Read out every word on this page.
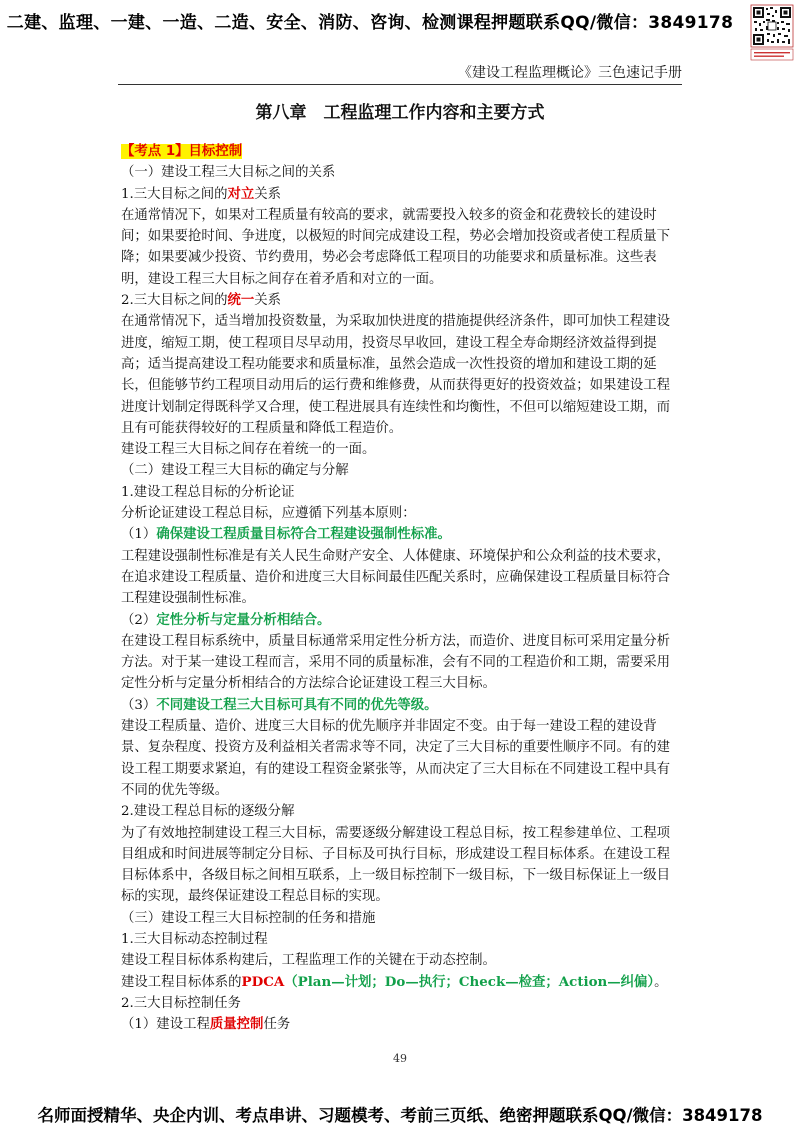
二建、监理、一建、一造、二造、安全、消防、咨询、检测课程押题联系QQ/微信：3849178
《建设工程监理概论》三色速记手册
第八章　工程监理工作内容和主要方式

【考点 1】目标控制

（一）建设工程三大目标之间的关系

1.三大目标之间的对立关系

在通常情况下，如果对工程质量有较高的要求，就需要投入较多的资金和花费较长的建设时间；如果要抢时间、争进度，以极短的时间完成建设工程，势必会增加投资或者使工程质量下降；如果要减少投资、节约费用，势必会考虑降低工程项目的功能要求和质量标准。这些表明，建设工程三大目标之间存在着矛盾和对立的一面。

2.三大目标之间的统一关系

在通常情况下，适当增加投资数量，为采取加快进度的措施提供经济条件，即可加快工程建设进度，缩短工期，使工程项目尽早动用，投资尽早收回，建设工程全寿命期经济效益得到提高；适当提高建设工程功能要求和质量标准，虽然会造成一次性投资的增加和建设工期的延长，但能够节约工程项目动用后的运行费和维修费，从而获得更好的投资效益；如果建设工程进度计划制定得既科学又合理，使工程进展具有连续性和均衡性，不但可以缩短建设工期，而且有可能获得较好的工程质量和降低工程造价。

建设工程三大目标之间存在着统一的一面。

（二）建设工程三大目标的确定与分解

1.建设工程总目标的分析论证

分析论证建设工程总目标，应遵循下列基本原则：

（1）确保建设工程质量目标符合工程建设强制性标准。

工程建设强制性标准是有关人民生命财产安全、人体健康、环境保护和公众利益的技术要求，在追求建设工程质量、造价和进度三大目标间最佳匹配关系时，应确保建设工程质量目标符合工程建设强制性标准。

（2）定性分析与定量分析相结合。

在建设工程目标系统中，质量目标通常采用定性分析方法，而造价、进度目标可采用定量分析方法。对于某一建设工程而言，采用不同的质量标准，会有不同的工程造价和工期，需要采用定性分析与定量分析相结合的方法综合论证建设工程三大目标。

（3）不同建设工程三大目标可具有不同的优先等级。

建设工程质量、造价、进度三大目标的优先顺序并非固定不变。由于每一建设工程的建设背景、复杂程度、投资方及利益相关者需求等不同，决定了三大目标的重要性顺序不同。有的建设工程工期要求紧迫，有的建设工程资金紧张等，从而决定了三大目标在不同建设工程中具有不同的优先等级。

2.建设工程总目标的逐级分解

为了有效地控制建设工程三大目标，需要逐级分解建设工程总目标，按工程参建单位、工程项目组成和时间进展等制定分目标、子目标及可执行目标，形成建设工程目标体系。在建设工程目标体系中，各级目标之间相互联系，上一级目标控制下一级目标，下一级目标保证上一级目标的实现，最终保证建设工程总目标的实现。

（三）建设工程三大目标控制的任务和措施

1.三大目标动态控制过程

建设工程目标体系构建后，工程监理工作的关键在于动态控制。

建设工程目标体系的PDCA（Plan—计划；Do—执行；Check—检查；Action—纠偏）。

2.三大目标控制任务

（1）建设工程质量控制任务

49
名师面授精华、央企内训、考点串讲、习题模考、考前三页纸、绝密押题联系QQ/微信：3849178
